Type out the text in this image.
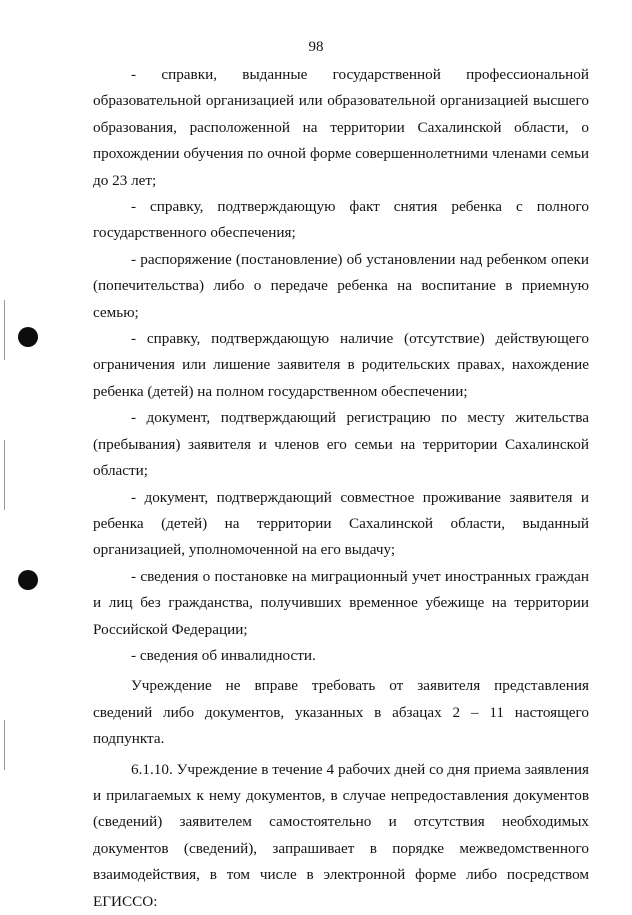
98

- справки, выданные государственной профессиональной образовательной организацией или образовательной организацией высшего образования, расположенной на территории Сахалинской области, о прохождении обучения по очной форме совершеннолетними членами семьи до 23 лет;

- справку, подтверждающую факт снятия ребенка с полного государственного обеспечения;

- распоряжение (постановление) об установлении над ребенком опеки (попечительства) либо о передаче ребенка на воспитание в приемную семью;

- справку, подтверждающую наличие (отсутствие) действующего ограничения или лишение заявителя в родительских правах, нахождение ребенка (детей) на полном государственном обеспечении;

- документ, подтверждающий регистрацию по месту жительства (пребывания) заявителя и членов его семьи на территории Сахалинской области;

- документ, подтверждающий совместное проживание заявителя и ребенка (детей) на территории Сахалинской области, выданный организацией, уполномоченной на его выдачу;

- сведения о постановке на миграционный учет иностранных граждан и лиц без гражданства, получивших временное убежище на территории Российской Федерации;

- сведения об инвалидности.

Учреждение не вправе требовать от заявителя представления сведений либо документов, указанных в абзацах 2 – 11 настоящего подпункта.

6.1.10. Учреждение в течение 4 рабочих дней со дня приема заявления и прилагаемых к нему документов, в случае непредоставления документов (сведений) заявителем самостоятельно и отсутствия необходимых документов (сведений), запрашивает в порядке межведомственного взаимодействия, в том числе в электронной форме либо посредством ЕГИССО:
